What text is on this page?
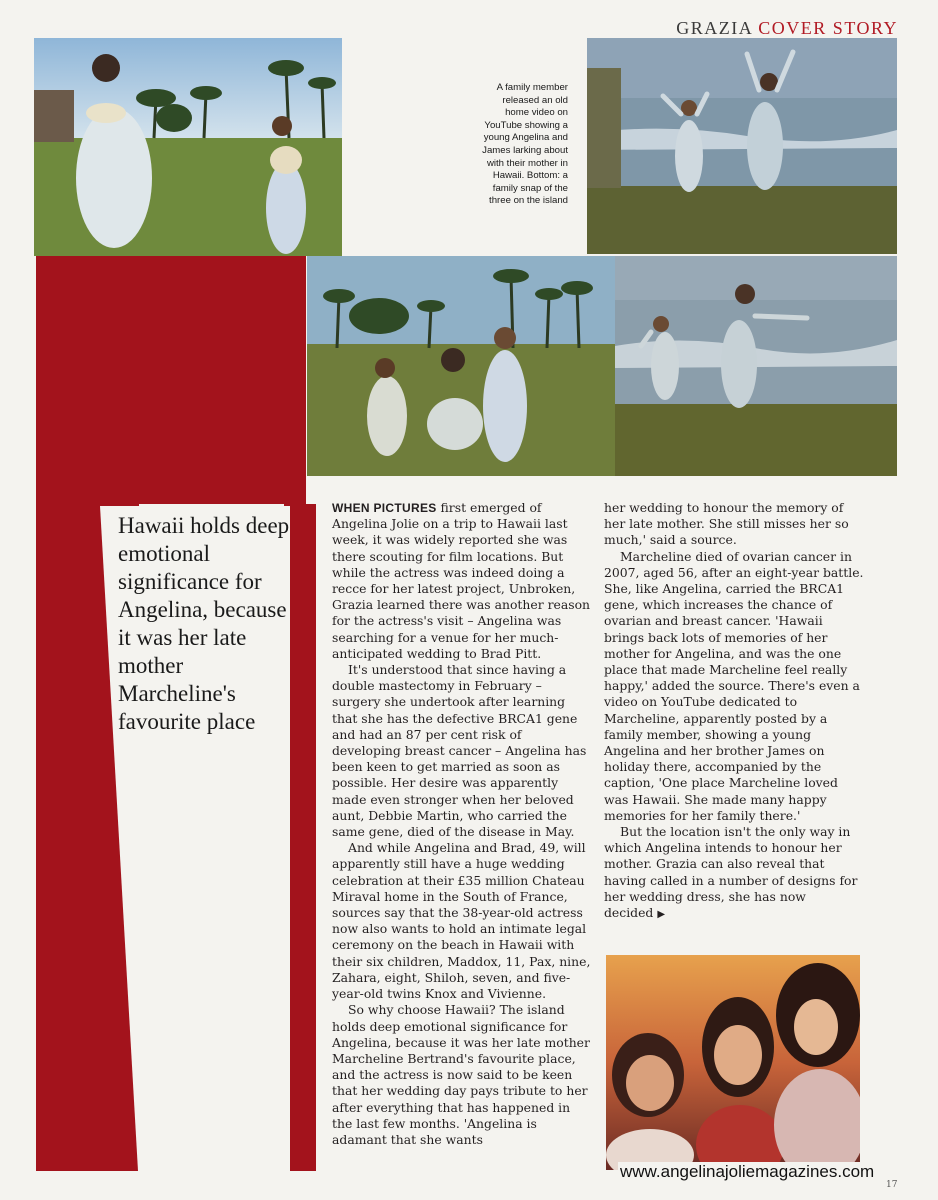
GRAZIA COVER STORY
A family member released an old home video on YouTube showing a young Angelina and James larking about with their mother in Hawaii. Bottom: a family snap of the three on the island
Hawaii holds deep emotional significance for Angelina, because it was her late mother Marcheline's favourite place

WHEN PICTURES first emerged of Angelina Jolie on a trip to Hawaii last week, it was widely reported she was there scouting for film locations. But while the actress was indeed doing a recce for her latest project, Unbroken, Grazia learned there was another reason for the actress's visit – Angelina was searching for a venue for her much-anticipated wedding to Brad Pitt.

It's understood that since having a double mastectomy in February – surgery she undertook after learning that she has the defective BRCA1 gene and had an 87 per cent risk of developing breast cancer – Angelina has been keen to get married as soon as possible. Her desire was apparently made even stronger when her beloved aunt, Debbie Martin, who carried the same gene, died of the disease in May.

And while Angelina and Brad, 49, will apparently still have a huge wedding celebration at their £35 million Chateau Miraval home in the South of France, sources say that the 38-year-old actress now also wants to hold an intimate legal ceremony on the beach in Hawaii with their six children, Maddox, 11, Pax, nine, Zahara, eight, Shiloh, seven, and five-year-old twins Knox and Vivienne.

So why choose Hawaii? The island holds deep emotional significance for Angelina, because it was her late mother Marcheline Bertrand's favourite place, and the actress is now said to be keen that her wedding day pays tribute to her after everything that has happened in the last few months. 'Angelina is adamant that she wants

her wedding to honour the memory of her late mother. She still misses her so much,' said a source.

Marcheline died of ovarian cancer in 2007, aged 56, after an eight-year battle. She, like Angelina, carried the BRCA1 gene, which increases the chance of ovarian and breast cancer. 'Hawaii brings back lots of memories of her mother for Angelina, and was the one place that made Marcheline feel really happy,' added the source. There's even a video on YouTube dedicated to Marcheline, apparently posted by a family member, showing a young Angelina and her brother James on holiday there, accompanied by the caption, 'One place Marcheline loved was Hawaii. She made many happy memories for her family there.'

But the location isn't the only way in which Angelina intends to honour her mother. Grazia can also reveal that having called in a number of designs for her wedding dress, she has now decided ▶

www.angelinajoliemagazines.com
17
